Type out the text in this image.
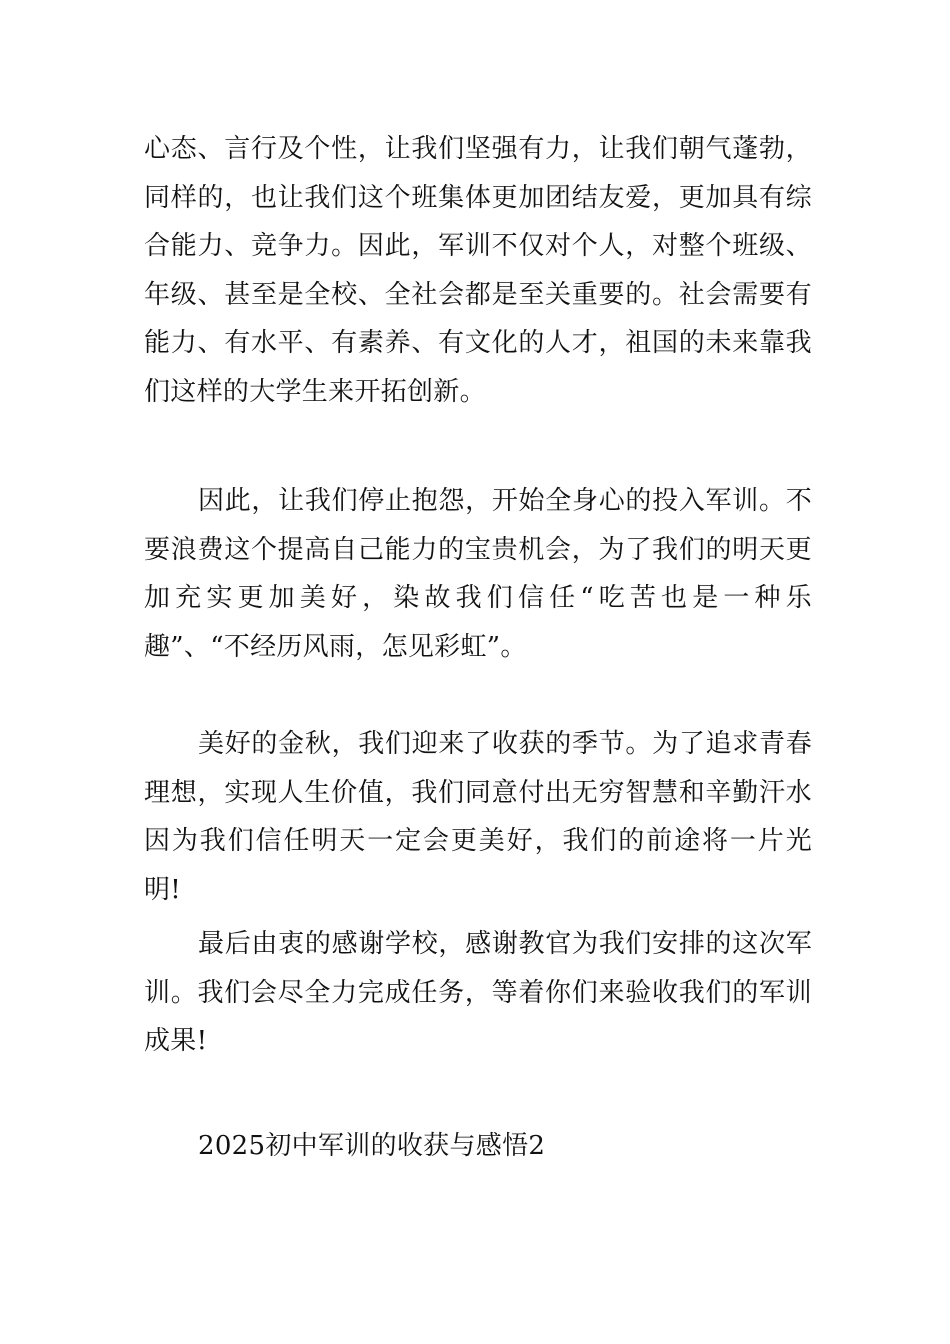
心态、言行及个性，让我们坚强有力，让我们朝气蓬勃，同样的，也让我们这个班集体更加团结友爱，更加具有综合能力、竞争力。因此，军训不仅对个人，对整个班级、年级、甚至是全校、全社会都是至关重要的。社会需要有能力、有水平、有素养、有文化的人才，祖国的未来靠我们这样的大学生来开拓创新。

因此，让我们停止抱怨，开始全身心的投入军训。不要浪费这个提高自己能力的宝贵机会，为了我们的明天更加充实更加美好，染故我们信任“吃苦也是一种乐趣”、“不经历风雨，怎见彩虹”。

美好的金秋，我们迎来了收获的季节。为了追求青春理想，实现人生价值，我们同意付出无穷智慧和辛勤汗水因为我们信任明天一定会更美好，我们的前途将一片光明!

最后由衷的感谢学校，感谢教官为我们安排的这次军训。我们会尽全力完成任务，等着你们来验收我们的军训成果!

2025初中军训的收获与感悟2
